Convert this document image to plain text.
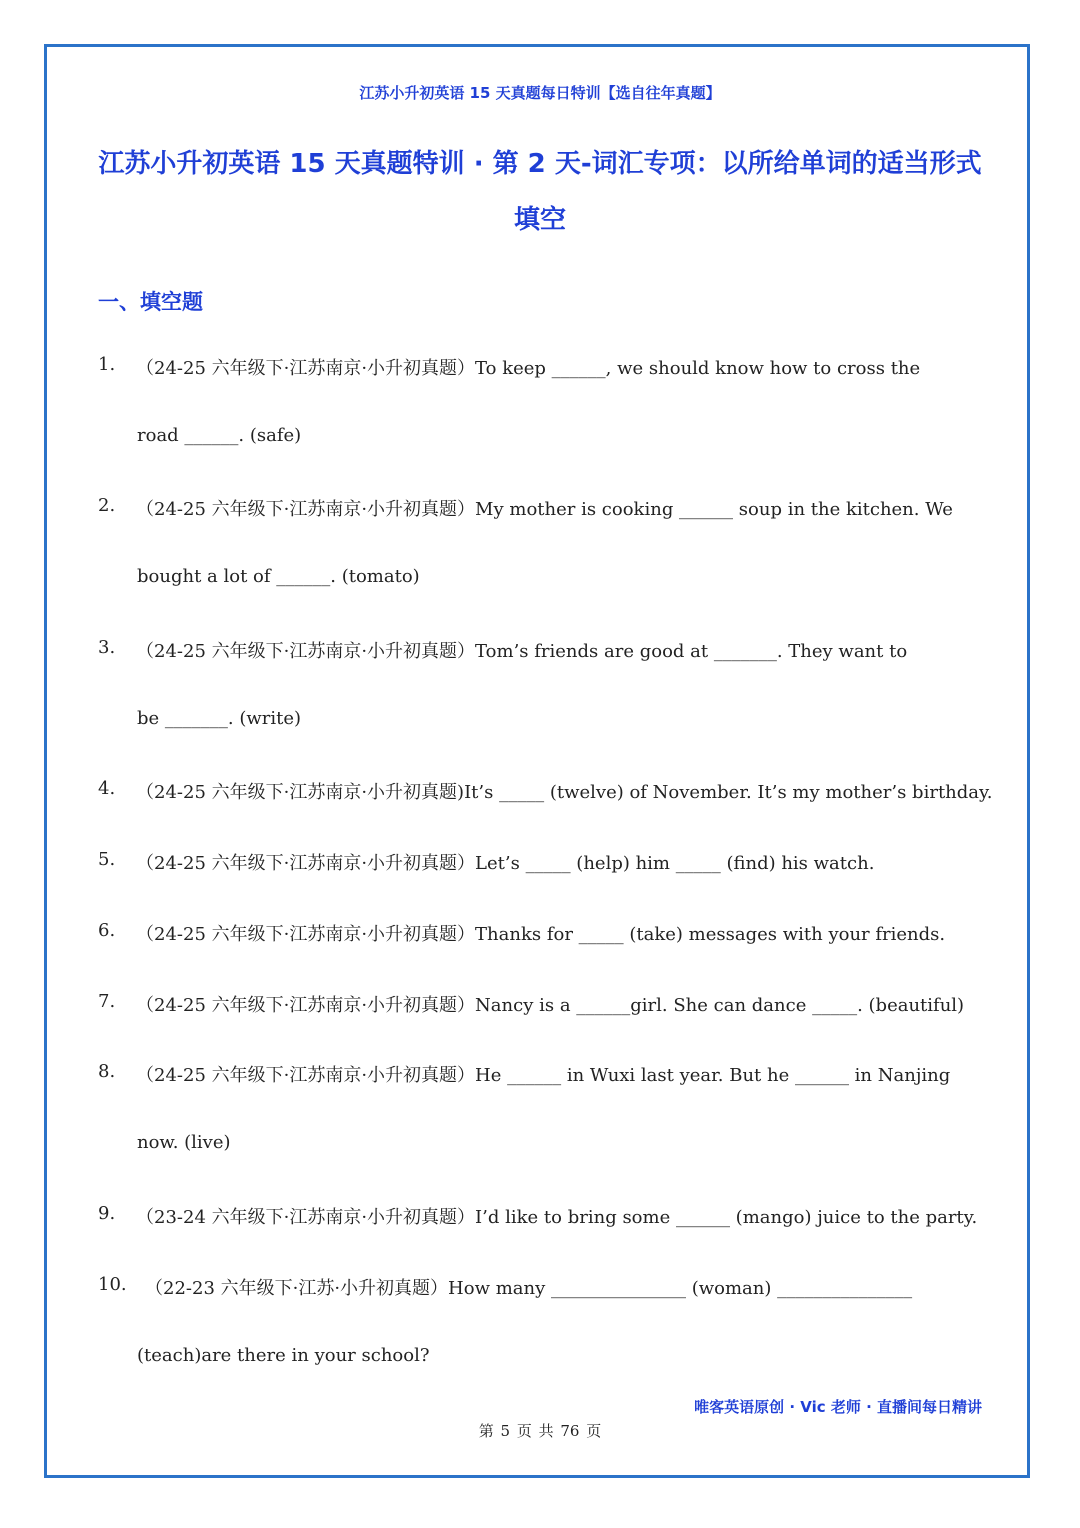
江苏小升初英语 15 天真题每日特训【选自往年真题】
江苏小升初英语 15 天真题特训 · 第 2 天-词汇专项：以所给单词的适当形式填空
一、填空题
1. （24-25 六年级下·江苏南京·小升初真题）To keep ______, we should know how to cross the
road ______. (safe)
2. （24-25 六年级下·江苏南京·小升初真题）My mother is cooking ______ soup in the kitchen. We
bought a lot of ______. (tomato)
3. （24-25 六年级下·江苏南京·小升初真题）Tom’s friends are good at _______. They want to
be _______. (write)
4. （24-25 六年级下·江苏南京·小升初真题)It’s _____ (twelve) of November. It’s my mother’s birthday.
5. （24-25 六年级下·江苏南京·小升初真题）Let’s _____ (help) him _____ (find) his watch.
6. （24-25 六年级下·江苏南京·小升初真题）Thanks for _____ (take) messages with your friends.
7. （24-25 六年级下·江苏南京·小升初真题）Nancy is a ______girl. She can dance _____. (beautiful)
8. （24-25 六年级下·江苏南京·小升初真题）He ______ in Wuxi last year. But he ______ in Nanjing
now. (live)
9. （23-24 六年级下·江苏南京·小升初真题）I’d like to bring some ______ (mango) juice to the party.
10. （22-23 六年级下·江苏·小升初真题）How many _______________ (woman) _______________
(teach)are there in your school?
唯客英语原创 · Vic 老师 · 直播间每日精讲
第 5 页 共 76 页
